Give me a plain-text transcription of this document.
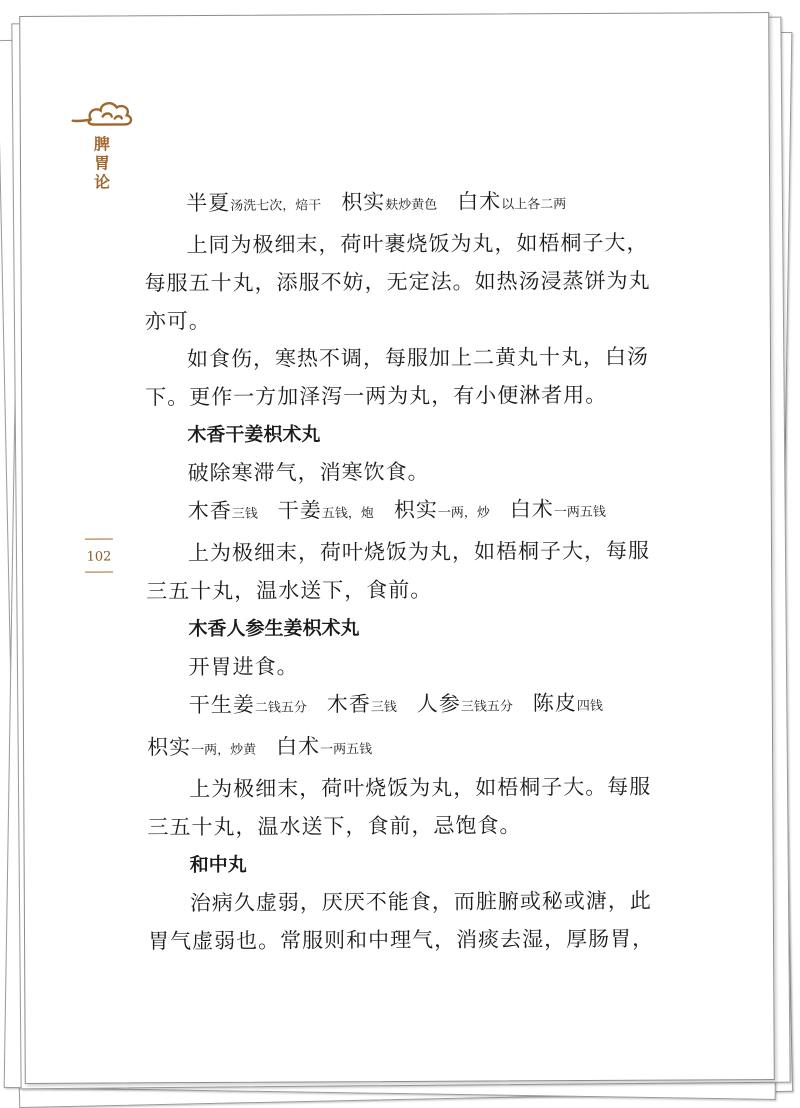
脾胃论
102
半夏汤洗七次，焙干 枳实麸炒黄色 白术以上各二两
上同为极细末，荷叶裹烧饭为丸，如梧桐子大，
每服五十丸，添服不妨，无定法。如热汤浸蒸饼为丸
亦可。
如食伤，寒热不调，每服加上二黄丸十丸，白汤
下。更作一方加泽泻一两为丸，有小便淋者用。
木香干姜枳术丸
破除寒滞气，消寒饮食。
木香三钱 干姜五钱，炮 枳实一两，炒 白术一两五钱
上为极细末，荷叶烧饭为丸，如梧桐子大，每服
三五十丸，温水送下，食前。
木香人参生姜枳术丸
开胃进食。
干生姜二钱五分 木香三钱 人参三钱五分 陈皮四钱
枳实一两，炒黄 白术一两五钱
上为极细末，荷叶烧饭为丸，如梧桐子大。每服
三五十丸，温水送下，食前，忌饱食。
和中丸
治病久虚弱，厌厌不能食，而脏腑或秘或溏，此
胃气虚弱也。常服则和中理气，消痰去湿，厚肠胃，
